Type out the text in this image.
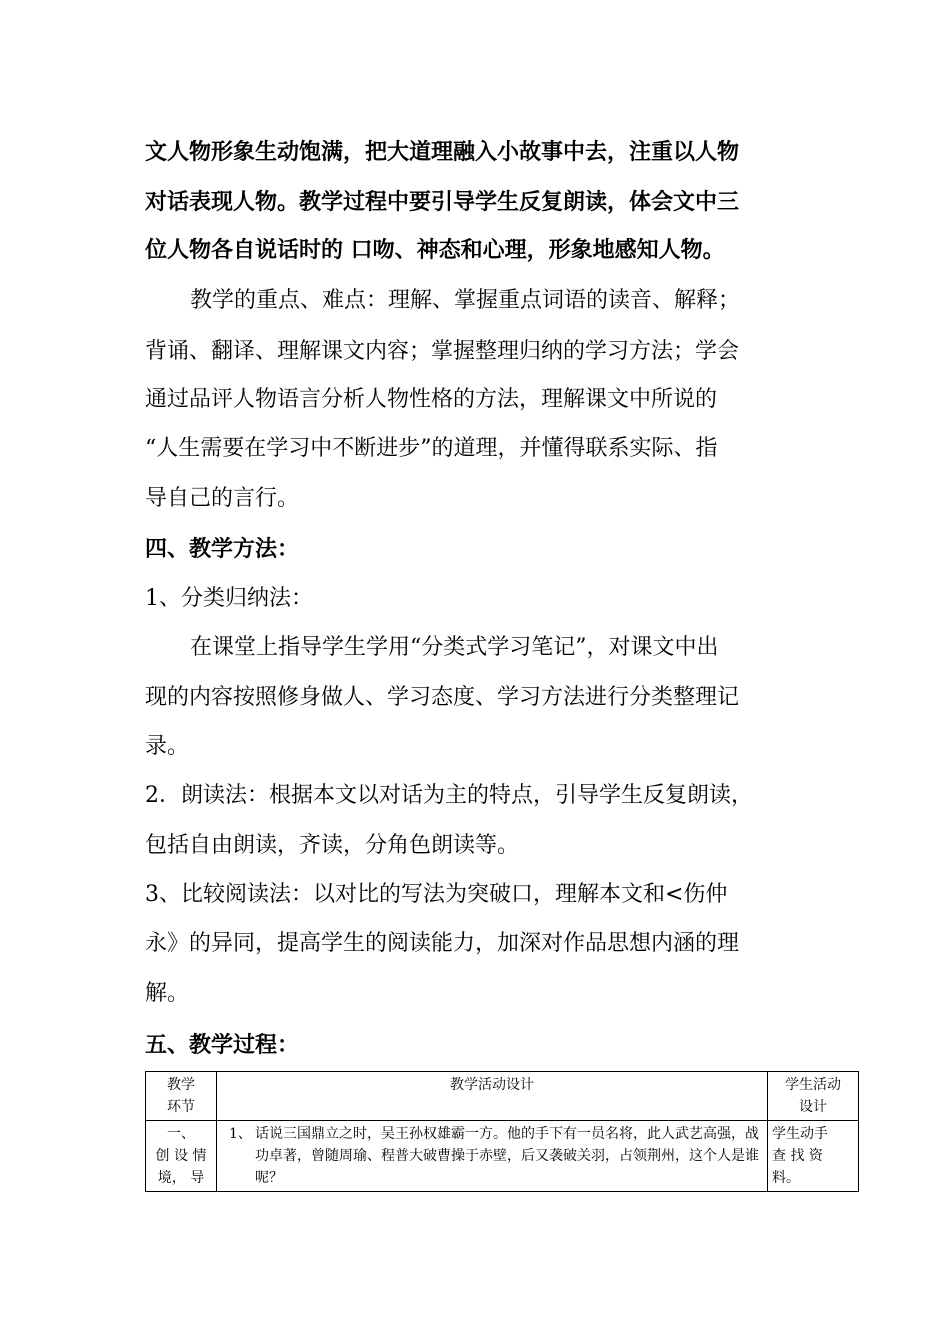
文人物形象生动饱满，把大道理融入小故事中去，注重以人物
对话表现人物。教学过程中要引导学生反复朗读，体会文中三
位人物各自说话时的 口吻、神态和心理，形象地感知人物。
教学的重点、难点：理解、掌握重点词语的读音、解释；
背诵、翻译、理解课文内容；掌握整理归纳的学习方法；学会
通过品评人物语言分析人物性格的方法，理解课文中所说的
“人生需要在学习中不断进步”的道理，并懂得联系实际、指
导自己的言行。
四、教学方法：
1、分类归纳法：
在课堂上指导学生学用“分类式学习笔记”，对课文中出
现的内容按照修身做人、学习态度、学习方法进行分类整理记
录。
2．朗读法：根据本文以对话为主的特点，引导学生反复朗读，
包括自由朗读，齐读，分角色朗读等。
3、比较阅读法：以对比的写法为突破口，理解本文和<伤仲
永》的异同，提高学生的阅读能力，加深对作品思想内涵的理
解。
五、教学过程：
教学
环节	教学活动设计	学生活动
设计
一、
创 设 情
境， 导	1、 话说三国鼎立之时，吴王孙权雄霸一方。他的手下有一员名将，此人武艺高强，战功卓著，曾随周瑜、程普大破曹操于赤壁，后又袭破关羽，占领荆州，这个人是谁呢？	学生动手
查 找 资
料。
